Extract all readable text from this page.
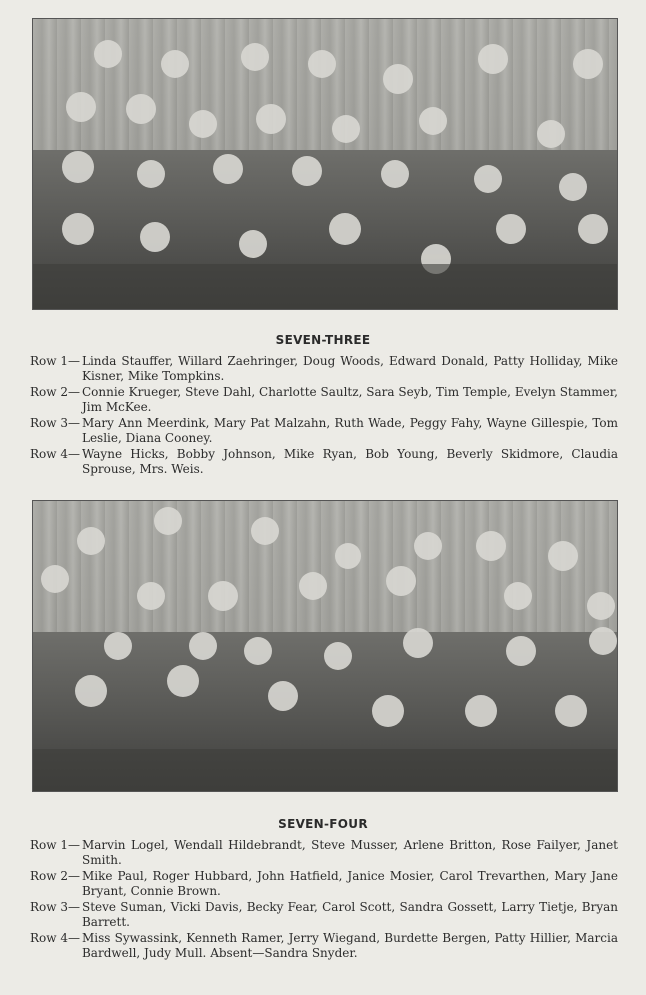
SEVEN-THREE
Row 1— Linda Stauffer, Willard Zaehringer, Doug Woods, Edward Donald, Patty Holliday, Mike Kisner, Mike Tompkins.
Row 2— Connie Krueger, Steve Dahl, Charlotte Saultz, Sara Seyb, Tim Temple, Evelyn Stammer, Jim McKee.
Row 3— Mary Ann Meerdink, Mary Pat Malzahn, Ruth Wade, Peggy Fahy, Wayne Gillespie, Tom Leslie, Diana Cooney.
Row 4— Wayne Hicks, Bobby Johnson, Mike Ryan, Bob Young, Beverly Skidmore, Claudia Sprouse, Mrs. Weis.
SEVEN-FOUR
Row 1— Marvin Logel, Wendall Hildebrandt, Steve Musser, Arlene Britton, Rose Failyer, Janet Smith.
Row 2— Mike Paul, Roger Hubbard, John Hatfield, Janice Mosier, Carol Trevarthen, Mary Jane Bryant, Connie Brown.
Row 3— Steve Suman, Vicki Davis, Becky Fear, Carol Scott, Sandra Gossett, Larry Tietje, Bryan Barrett.
Row 4— Miss Sywassink, Kenneth Ramer, Jerry Wiegand, Burdette Bergen, Patty Hillier, Marcia Bardwell, Judy Mull. Absent—Sandra Snyder.
